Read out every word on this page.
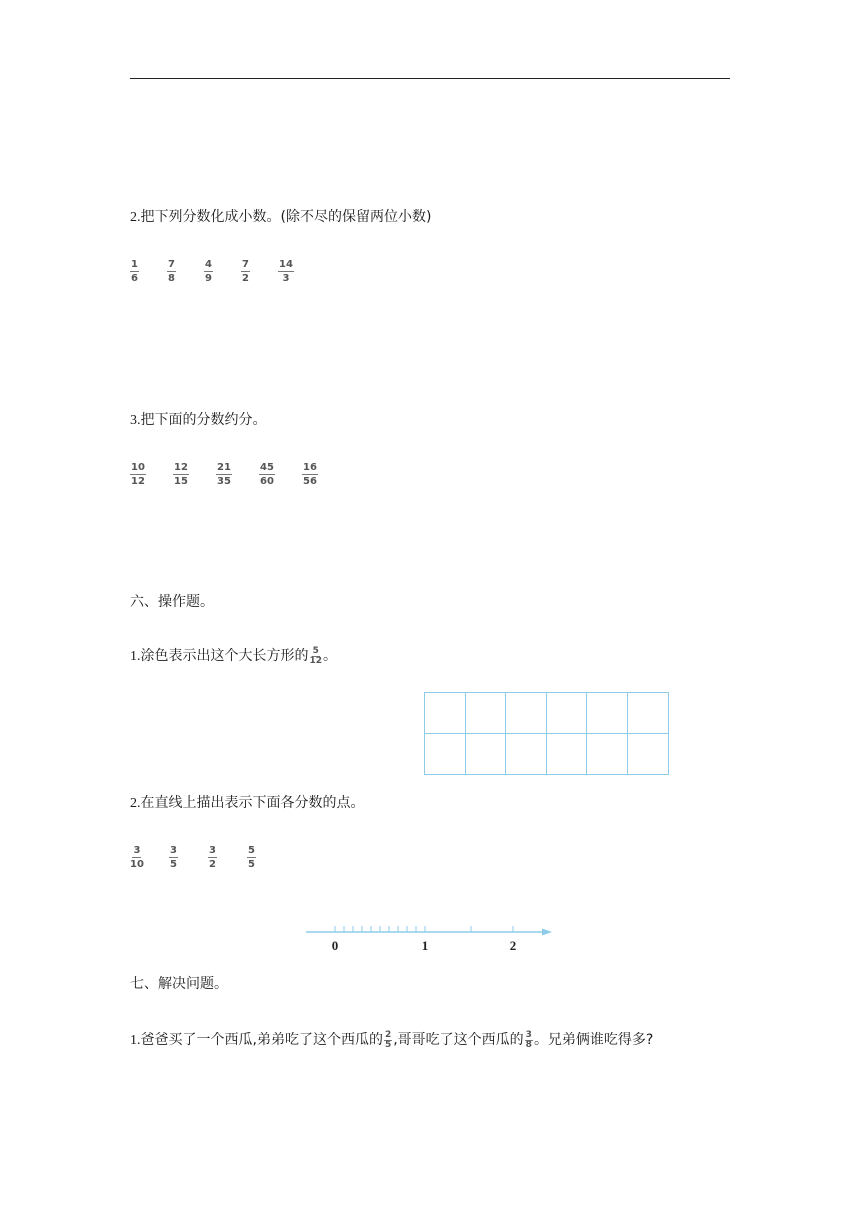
2.把下列分数化成小数。(除不尽的保留两位小数)
$\frac{1}{6}$	$\frac{7}{8}$	$\frac{4}{9}$	$\frac{7}{2}$	$\frac{14}{3}$
3.把下面的分数约分。
$\frac{10}{12}$	$\frac{12}{15}$	$\frac{21}{35}$	$\frac{45}{60}$	$\frac{16}{56}$
六、操作题。
1.涂色表示出这个大长方形的 $\frac{5}{12}$ 。
2.在直线上描出表示下面各分数的点。
$\frac{3}{10}$	$\frac{3}{5}$	$\frac{3}{2}$	$\frac{5}{5}$
0	1	2
七、解决问题。
1.爸爸买了一个西瓜,弟弟吃了这个西瓜的 $\frac{2}{5}$ ,哥哥吃了这个西瓜的 $\frac{3}{8}$ 。兄弟俩谁吃得多?
